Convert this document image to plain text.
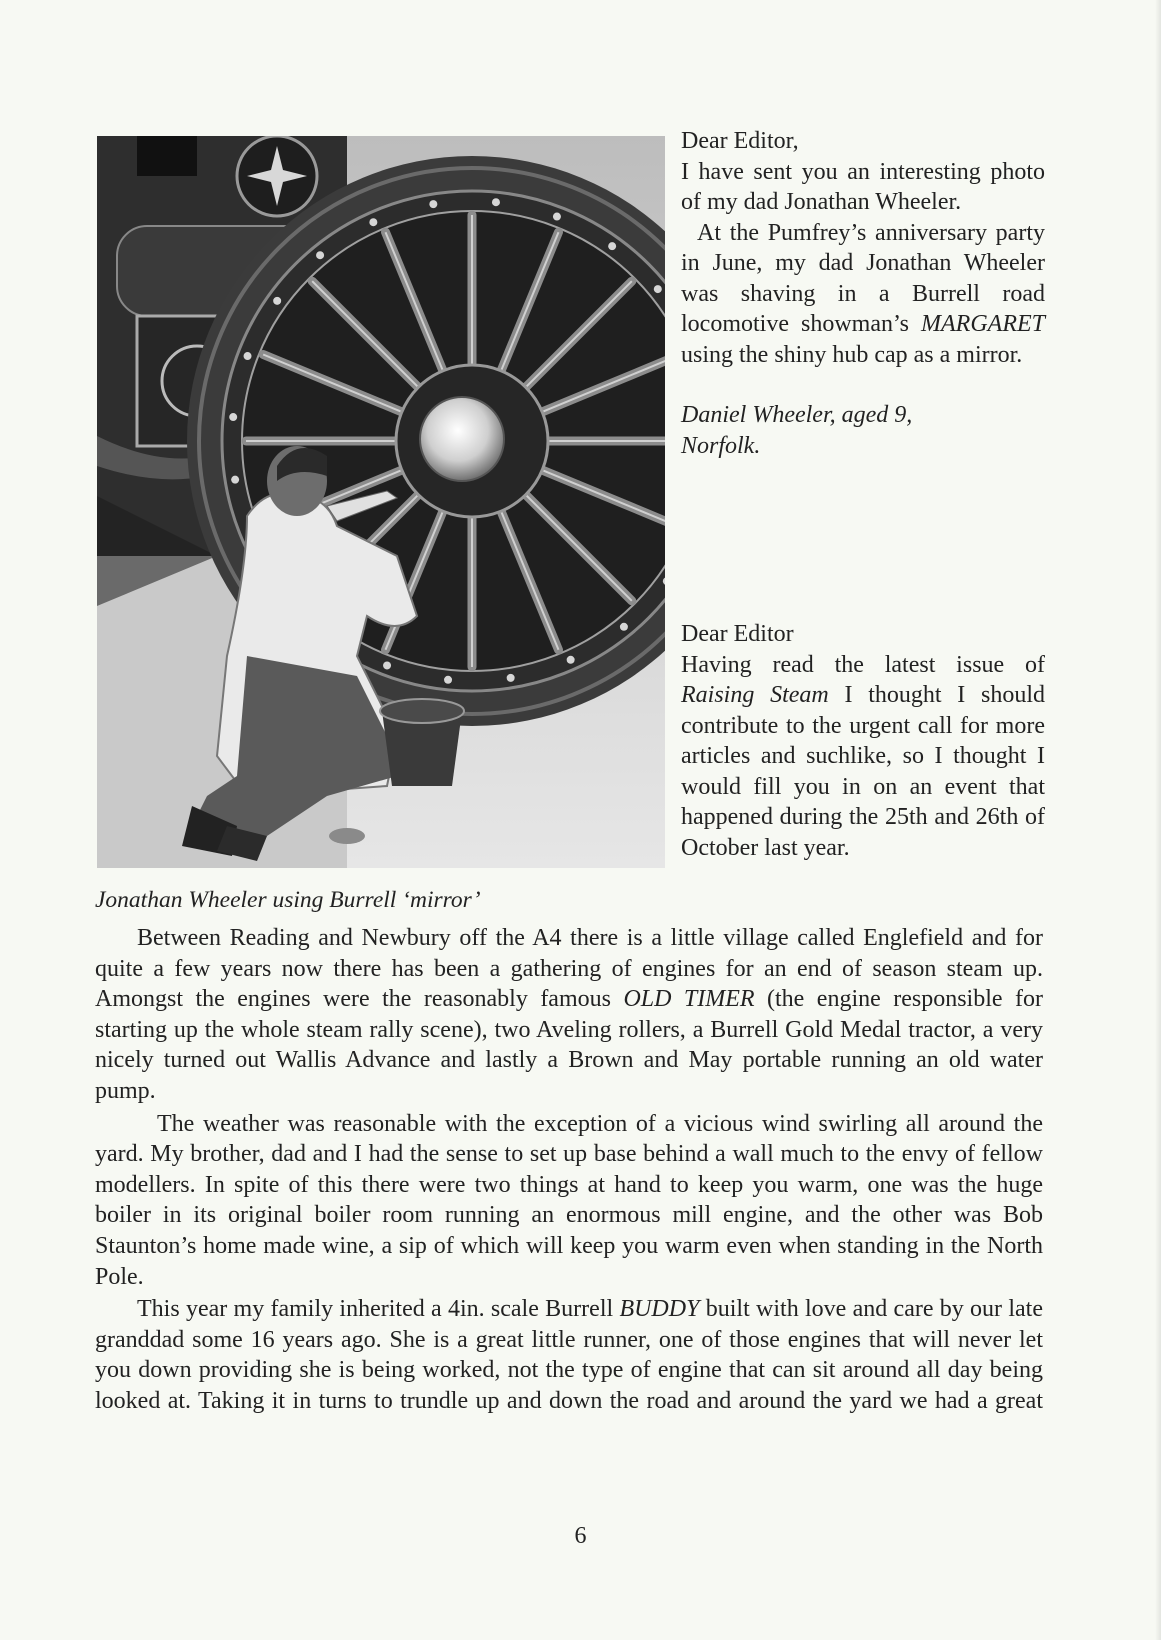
Jonathan Wheeler using Burrell ‘mirror’

Dear Editor,

I have sent you an interesting photo of my dad Jonathan Wheeler.

At the Pumfrey’s anniversary party in June, my dad Jonathan Wheeler was shaving in a Burrell road locomotive showman’s MARGARET using the shiny hub cap as a mirror.

Daniel Wheeler, aged 9,
Norfolk.

Dear Editor

Having read the latest issue of Raising Steam I thought I should contribute to the urgent call for more articles and suchlike, so I thought I would fill you in on an event that happened during the 25th and 26th of October last year.

Between Reading and Newbury off the A4 there is a little village called Englefield and for quite a few years now there has been a gathering of engines for an end of season steam up. Amongst the engines were the reasonably famous OLD TIMER (the engine responsible for starting up the whole steam rally scene), two Aveling rollers, a Burrell Gold Medal tractor, a very nicely turned out Wallis Advance and lastly a Brown and May portable running an old water pump.

The weather was reasonable with the exception of a vicious wind swirling all around the yard. My brother, dad and I had the sense to set up base behind a wall much to the envy of fellow modellers. In spite of this there were two things at hand to keep you warm, one was the huge boiler in its original boiler room running an enormous mill engine, and the other was Bob Staunton’s home made wine, a sip of which will keep you warm even when standing in the North Pole.

This year my family inherited a 4in. scale Burrell BUDDY built with love and care by our late granddad some 16 years ago. She is a great little runner, one of those engines that will never let you down providing she is being worked, not the type of engine that can sit around all day being looked at. Taking it in turns to trundle up and down the road and around the yard we had a great

6
